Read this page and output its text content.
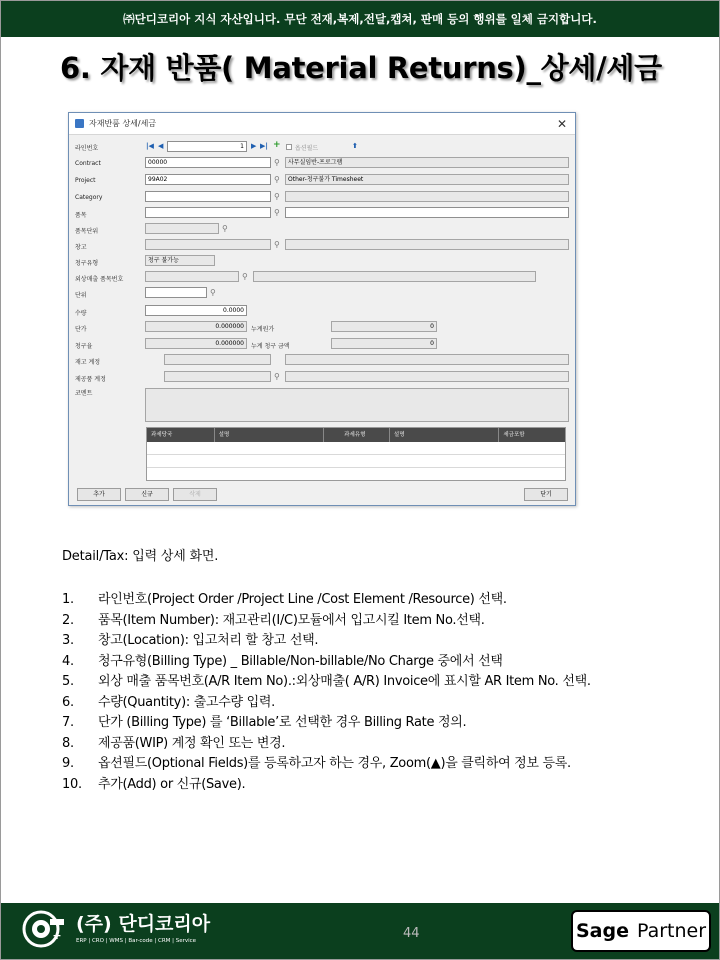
㈜단디코리아 지식 자산입니다. 무단 전재,복제,전달,캡쳐, 판매 등의 행위를 일체 금지합니다.
6. 자재 반품( Material Returns)_상세/세금
자재반품 상세/세금	✕
라인번호	|◀ ◀	1	▶ ▶| + 옵션필드	⬆
Contract	00000	⚲	사무실임반-프로그램
Project	99A02	⚲	Other-청구불가 Timesheet
Category	⚲
품목	⚲
품목단위	⚲
창고	⚲
청구유형	청구 불가능
외상매출 품목번호	⚲
단위	⚲
수량	0.0000
단가	0.000000	누계원가	0
청구율	0.000000	누계 청구 금액	0
재고 계정
제공품 계정	⚲
코멘트
과세당국	설명	과세유형	설명	세금포함
추가	신규	삭제	닫기
Detail/Tax: 입력 상세 화면.
1.	라인번호(Project Order /Project Line /Cost Element /Resource) 선택.
2.	품목(Item Number): 재고관리(I/C)모듈에서 입고시킬 Item No.선택.
3.	창고(Location): 입고처리 할 창고 선택.
4.	청구유형(Billing Type) _ Billable/Non-billable/No Charge 중에서 선택
5.	외상 매출 품목번호(A/R Item No).:외상매출( A/R) Invoice에 표시할 AR Item No. 선택.
6.	수량(Quantity): 출고수량 입력.
7.	단가 (Billing Type) 를 ‘Billable’로 선택한 경우 Billing Rate 정의.
8.	제공품(WIP) 계정 확인 또는 변경.
9.	옵션필드(Optional Fields)를 등록하고자 하는 경우, Zoom(▲)을 클릭하여 정보 등록.
10.	추가(Add) or 신규(Save).
+
(주) 단디코리아
ERP | CRO | WMS | Bar-code | CRM | Service	44	Sage Partner
